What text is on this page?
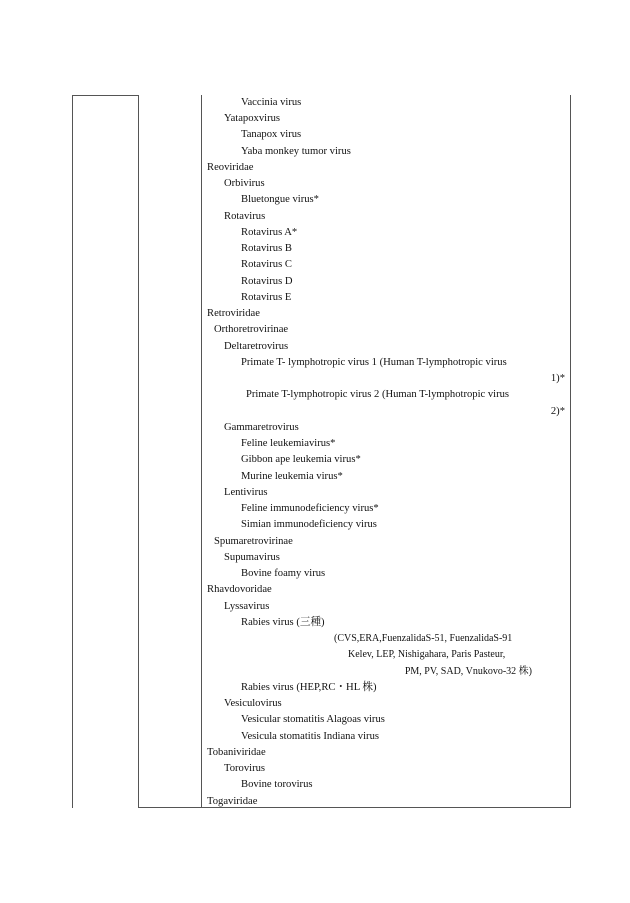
Vaccinia virus
Yatapoxvirus
Tanapox virus
Yaba monkey tumor virus
Reoviridae
Orbivirus
Bluetongue virus*
Rotavirus
Rotavirus A*
Rotavirus B
Rotavirus C
Rotavirus D
Rotavirus E
Retroviridae
Orthoretrovirinae
Deltaretrovirus
Primate T- lymphotropic virus 1 (Human T-lymphotropic virus
1)*
Primate T-lymphotropic virus 2 (Human T-lymphotropic virus
2)*
Gammaretrovirus
Feline leukemiavirus*
Gibbon ape leukemia virus*
Murine leukemia virus*
Lentivirus
Feline immunodeficiency virus*
Simian immunodeficiency virus
Spumaretrovirinae
Supumavirus
Bovine foamy virus
Rhavdovoridae
Lyssavirus
Rabies virus (三種)
(CVS,ERA,FuenzalidaS-51, FuenzalidaS-91
Kelev, LEP, Nishigahara, Paris Pasteur,
PM, PV, SAD, Vnukovo-32 株)
Rabies virus (HEP,RC・HL 株)
Vesiculovirus
Vesicular stomatitis Alagoas virus
Vesicula stomatitis Indiana virus
Tobaniviridae
Torovirus
Bovine torovirus
Togaviridae
